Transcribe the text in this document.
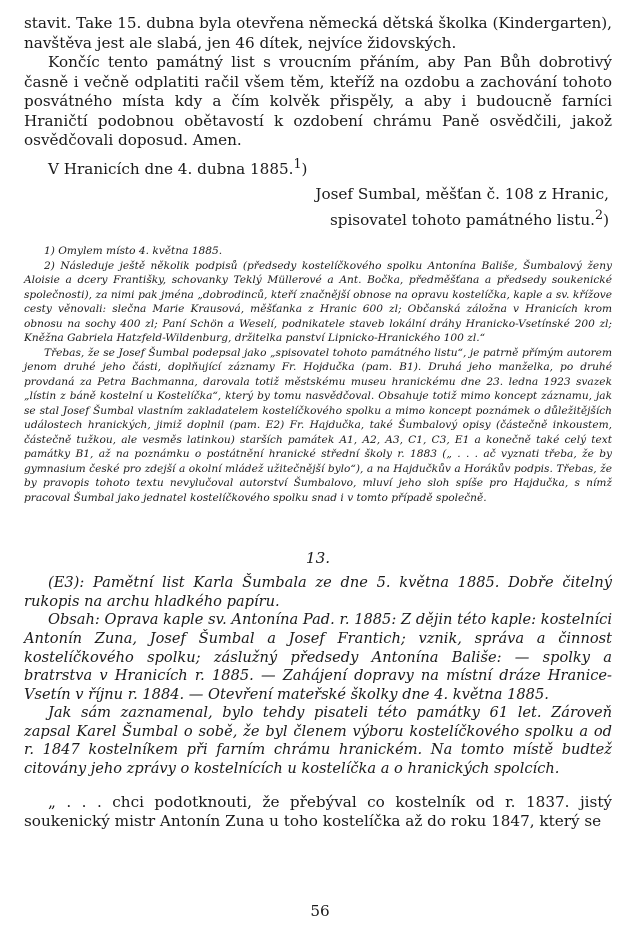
stavit. Take 15. dubna byla otevřena německá dětská školka (Kindergarten), navštěva jest ale slabá, jen 46 dítek, nejvíce židovských.

Končíc tento památný list s vroucním přáním, aby Pan Bůh dobrotivý časně i večně odplatiti račil všem těm, kteříž na ozdobu a zachování tohoto posvátného místa kdy a čím kolvěk přispěly, a aby i budoucně farníci Hraničtí podobnou obětavostí k ozdobení chrámu Paně osvědčili, jakož osvědčovali doposud. Amen.

V Hranicích dne 4. dubna 1885.$^1$)

Josef Sumbal, měšťan č. 108 z Hranic,
spisovatel tohoto památného listu.$^2$)

1) Omylem místo 4. května 1885.

2) Následuje ještě několik podpisů (předsedy kostelíčkového spolku Antonína Bališe, Šumbalový ženy Aloisie a dcery Františky, schovanky Teklý Müllerové a Ant. Bočka, předměšťana a předsedy soukenické společnosti), za nimi pak jména „dobrodinců, kteří značnější obnose na opravu kostelíčka, kaple a sv. křížove cesty věnovali: slečna Marie Krausová, měšťanka z Hranic 600 zl; Občanská záložna v Hranicích krom obnosu na sochy 400 zl; Paní Schön a Weselí, podnikatele staveb lokální dráhy Hranicko-Vsetínské 200 zl; Kněžna Gabriela Hatzfeld-Wildenburg, držitelka panství Lipnicko-Hranického 100 zl.“

Třebas, že se Josef Šumbal podepsal jako „spisovatel tohoto památného listu“, je patrně přímým autorem jenom druhé jeho části, doplňující záznamy Fr. Hojdučka (pam. B1). Druhá jeho manželka, po druhé provdaná za Petra Bachmanna, darovala totiž městskému museu hranickému dne 23. ledna 1923 svazek „lístin z báně kostelní u Kostelíčka“, který by tomu nasvědčoval. Obsahuje totiž mimo koncept záznamu, jak se stal Josef Šumbal vlastním zakladatelem kostelíčkového spolku a mimo koncept poznámek o důležitějších událostech hranických, jimiž doplnil (pam. E2) Fr. Hajdučka, také Šumbalový opisy (částečně inkoustem, částečně tužkou, ale vesměs latinkou) starších památek A1, A2, A3, C1, C3, E1 a konečně také celý text památky B1, až na poznámku o postátnění hranické střední školy r. 1883 („ . . . ač vyznati třeba, že by gymnasium české pro zdejší a okolní mládež užitečnější bylo“), a na Hajdučkův a Horákův podpis. Třebas, že by pravopis tohoto textu nevylučoval autorství Šumbalovo, mluví jeho sloh spíše pro Hajdučka, s nímž pracoval Šumbal jako jednatel kostelíčkového spolku snad i v tomto případě společně.

13.

(E3): Pamětní list Karla Šumbala ze dne 5. května 1885. Dobře čitelný rukopis na archu hladkého papíru.

Obsah: Oprava kaple sv. Antonína Pad. r. 1885: Z dějin této kaple: kostelníci Antonín Zuna, Josef Šumbal a Josef Frantich; vznik, správa a činnost kostelíčkového spolku; záslužný předsedy Antonína Bališe: — spolky a bratrstva v Hranicích r. 1885. — Zahájení dopravy na místní dráze Hranice-Vsetín v říjnu r. 1884. — Otevření mateřské školky dne 4. května 1885.

Jak sám zaznamenal, bylo tehdy pisateli této památky 61 let. Zároveň zapsal Karel Šumbal o sobě, že byl členem výboru kostelíčkového spolku a od r. 1847 kostelníkem při farním chrámu hranickém. Na tomto místě budtež citovány jeho zprávy o kostelnících u kostelíčka a o hranických spolcích.

„ . . . chci podotknouti, že přebýval co kostelník od r. 1837. jistý soukenický mistr Antonín Zuna u toho kostelíčka až do roku 1847, který se

56
